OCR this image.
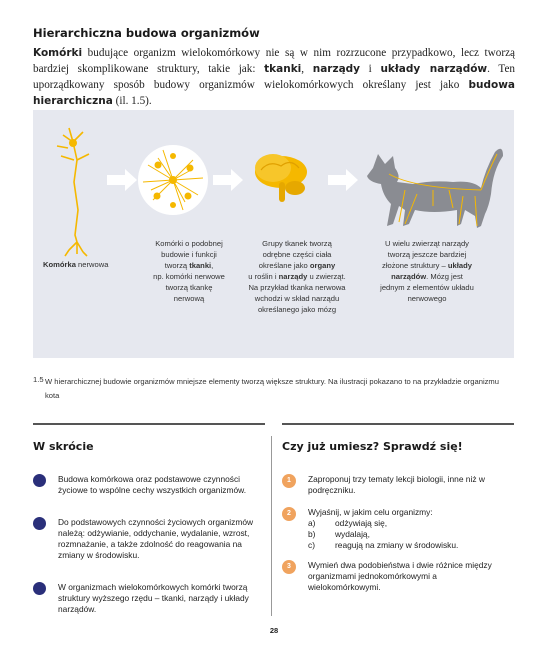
Hierarchiczna budowa organizmów
Komórki budujące organizm wielokomórkowy nie są w nim rozrzucone przypadkowo, lecz tworzą bardziej skomplikowane struktury, takie jak: tkanki, narządy i układy narządów. Ten uporządkowany sposób budowy organizmów wielokomórkowych określany jest jako budowa hierarchiczna (il. 1.5).
Komórka nerwowa
Komórki o podobnej
budowie i funkcji
tworzą tkanki,
np. komórki nerwowe
tworzą tkankę
nerwową
Grupy tkanek tworzą
odrębne części ciała
określane jako organy
u roślin i narządy u zwierząt.
Na przykład tkanka nerwowa
wchodzi w skład narządu
określanego jako mózg
U wielu zwierząt narządy
tworzą jeszcze bardziej
złożone struktury – układy
narządów. Mózg jest
jednym z elementów układu
nerwowego
1.5 W hierarchicznej budowie organizmów mniejsze elementy tworzą większe struktury. Na ilustracji pokazano to na przykładzie organizmu kota
W skrócie
Budowa komórkowa oraz podstawowe czynności życiowe to wspólne cechy wszystkich organizmów.
Do podstawowych czynności życiowych organizmów należą: odżywianie, oddychanie, wydalanie, wzrost, rozmnażanie, a także zdolność do reagowania na zmiany w środowisku.
W organizmach wielokomórkowych komórki tworzą struktury wyższego rzędu – tkanki, narządy i układy narządów.
Czy już umiesz? Sprawdź się!
1	Zaproponuj trzy tematy lekcji biologii, inne niż w podręczniku.
2	Wyjaśnij, w jakim celu organizmy:
a) odżywiają się,
b) wydalają,
c) reagują na zmiany w środowisku.
3	Wymień dwa podobieństwa i dwie różnice między organizmami jednokomórkowymi a wielokomórkowymi.
28
